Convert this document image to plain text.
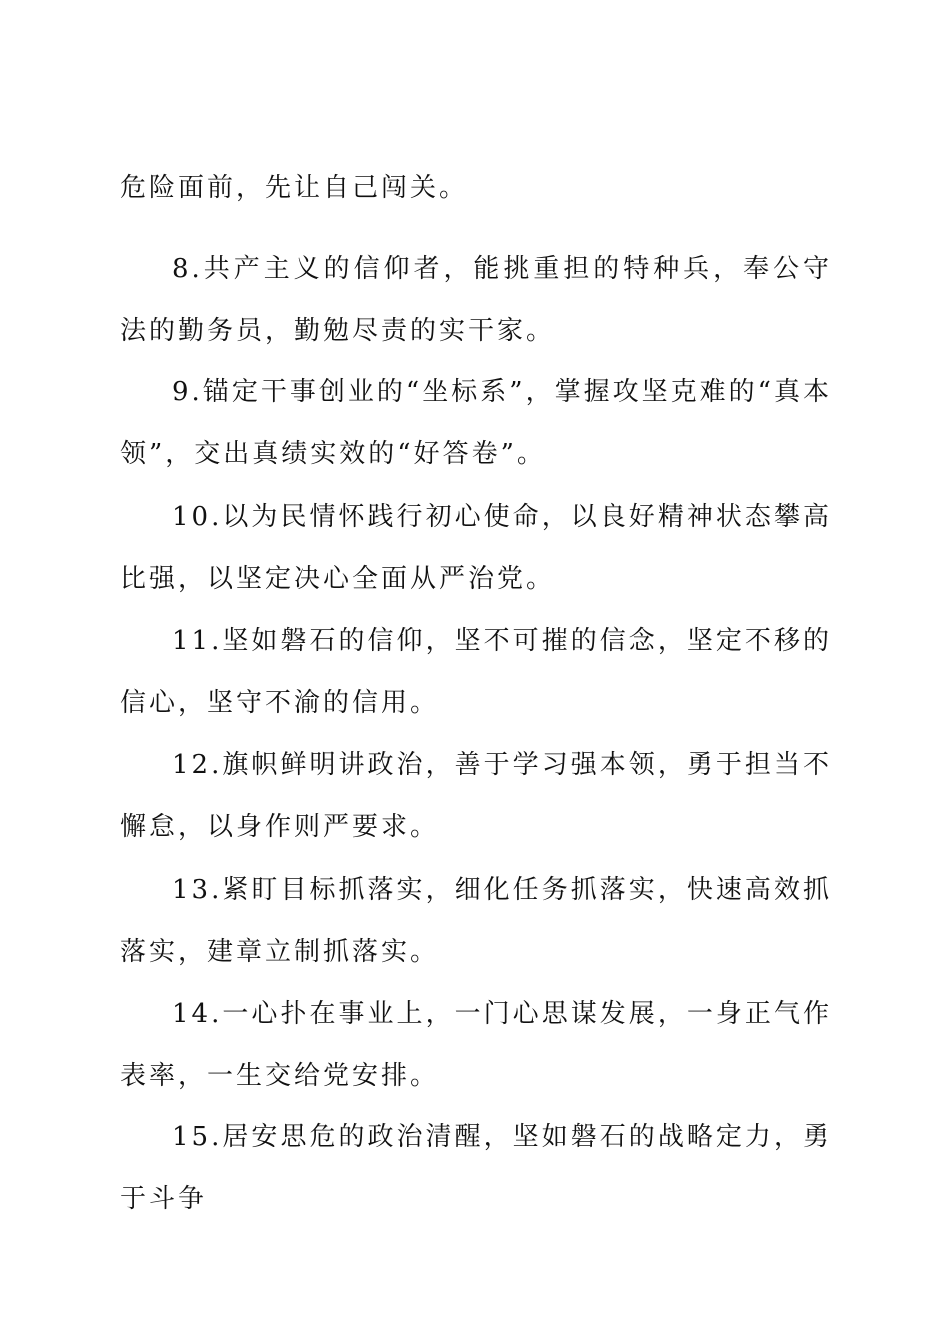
危险面前，先让自己闯关。

8.共产主义的信仰者，能挑重担的特种兵，奉公守法的勤务员，勤勉尽责的实干家。

9.锚定干事创业的“坐标系”，掌握攻坚克难的“真本领”，交出真绩实效的“好答卷”。

10.以为民情怀践行初心使命，以良好精神状态攀高比强，以坚定决心全面从严治党。

11.坚如磐石的信仰，坚不可摧的信念，坚定不移的信心，坚守不渝的信用。

12.旗帜鲜明讲政治，善于学习强本领，勇于担当不懈怠，以身作则严要求。

13.紧盯目标抓落实，细化任务抓落实，快速高效抓落实，建章立制抓落实。

14.一心扑在事业上，一门心思谋发展，一身正气作表率，一生交给党安排。

15.居安思危的政治清醒，坚如磐石的战略定力，勇于斗争
